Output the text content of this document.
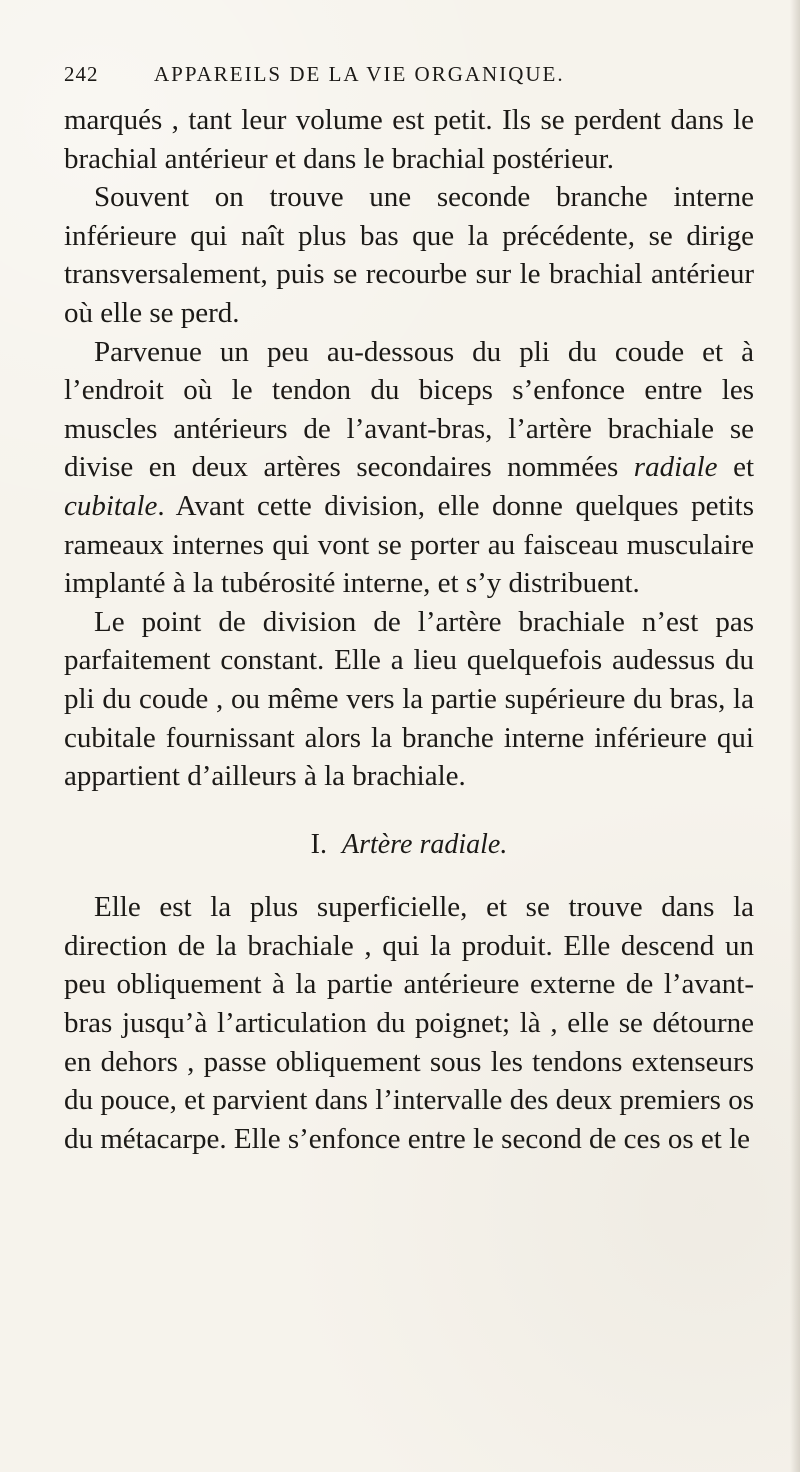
242	APPAREILS DE LA VIE ORGANIQUE.

marqués , tant leur volume est petit. Ils se perdent dans le brachial antérieur et dans le brachial postérieur.

Souvent on trouve une seconde branche interne inférieure qui naît plus bas que la précédente, se dirige transversalement, puis se recourbe sur le brachial antérieur où elle se perd.

Parvenue un peu au-dessous du pli du coude et à l’endroit où le tendon du biceps s’enfonce entre les muscles antérieurs de l’avant-bras, l’artère brachiale se divise en deux artères secondaires nommées radiale et cubitale. Avant cette division, elle donne quelques petits rameaux internes qui vont se porter au faisceau musculaire implanté à la tubérosité interne, et s’y distribuent.

Le point de division de l’artère brachiale n’est pas parfaitement constant. Elle a lieu quelquefois audessus du pli du coude , ou même vers la partie supérieure du bras, la cubitale fournissant alors la branche interne inférieure qui appartient d’ailleurs à la brachiale.

I. Artère radiale.

Elle est la plus superficielle, et se trouve dans la direction de la brachiale , qui la produit. Elle descend un peu obliquement à la partie antérieure externe de l’avant-bras jusqu’à l’articulation du poignet; là , elle se détourne en dehors , passe obliquement sous les tendons extenseurs du pouce, et parvient dans l’intervalle des deux premiers os du métacarpe. Elle s’enfonce entre le second de ces os et le
